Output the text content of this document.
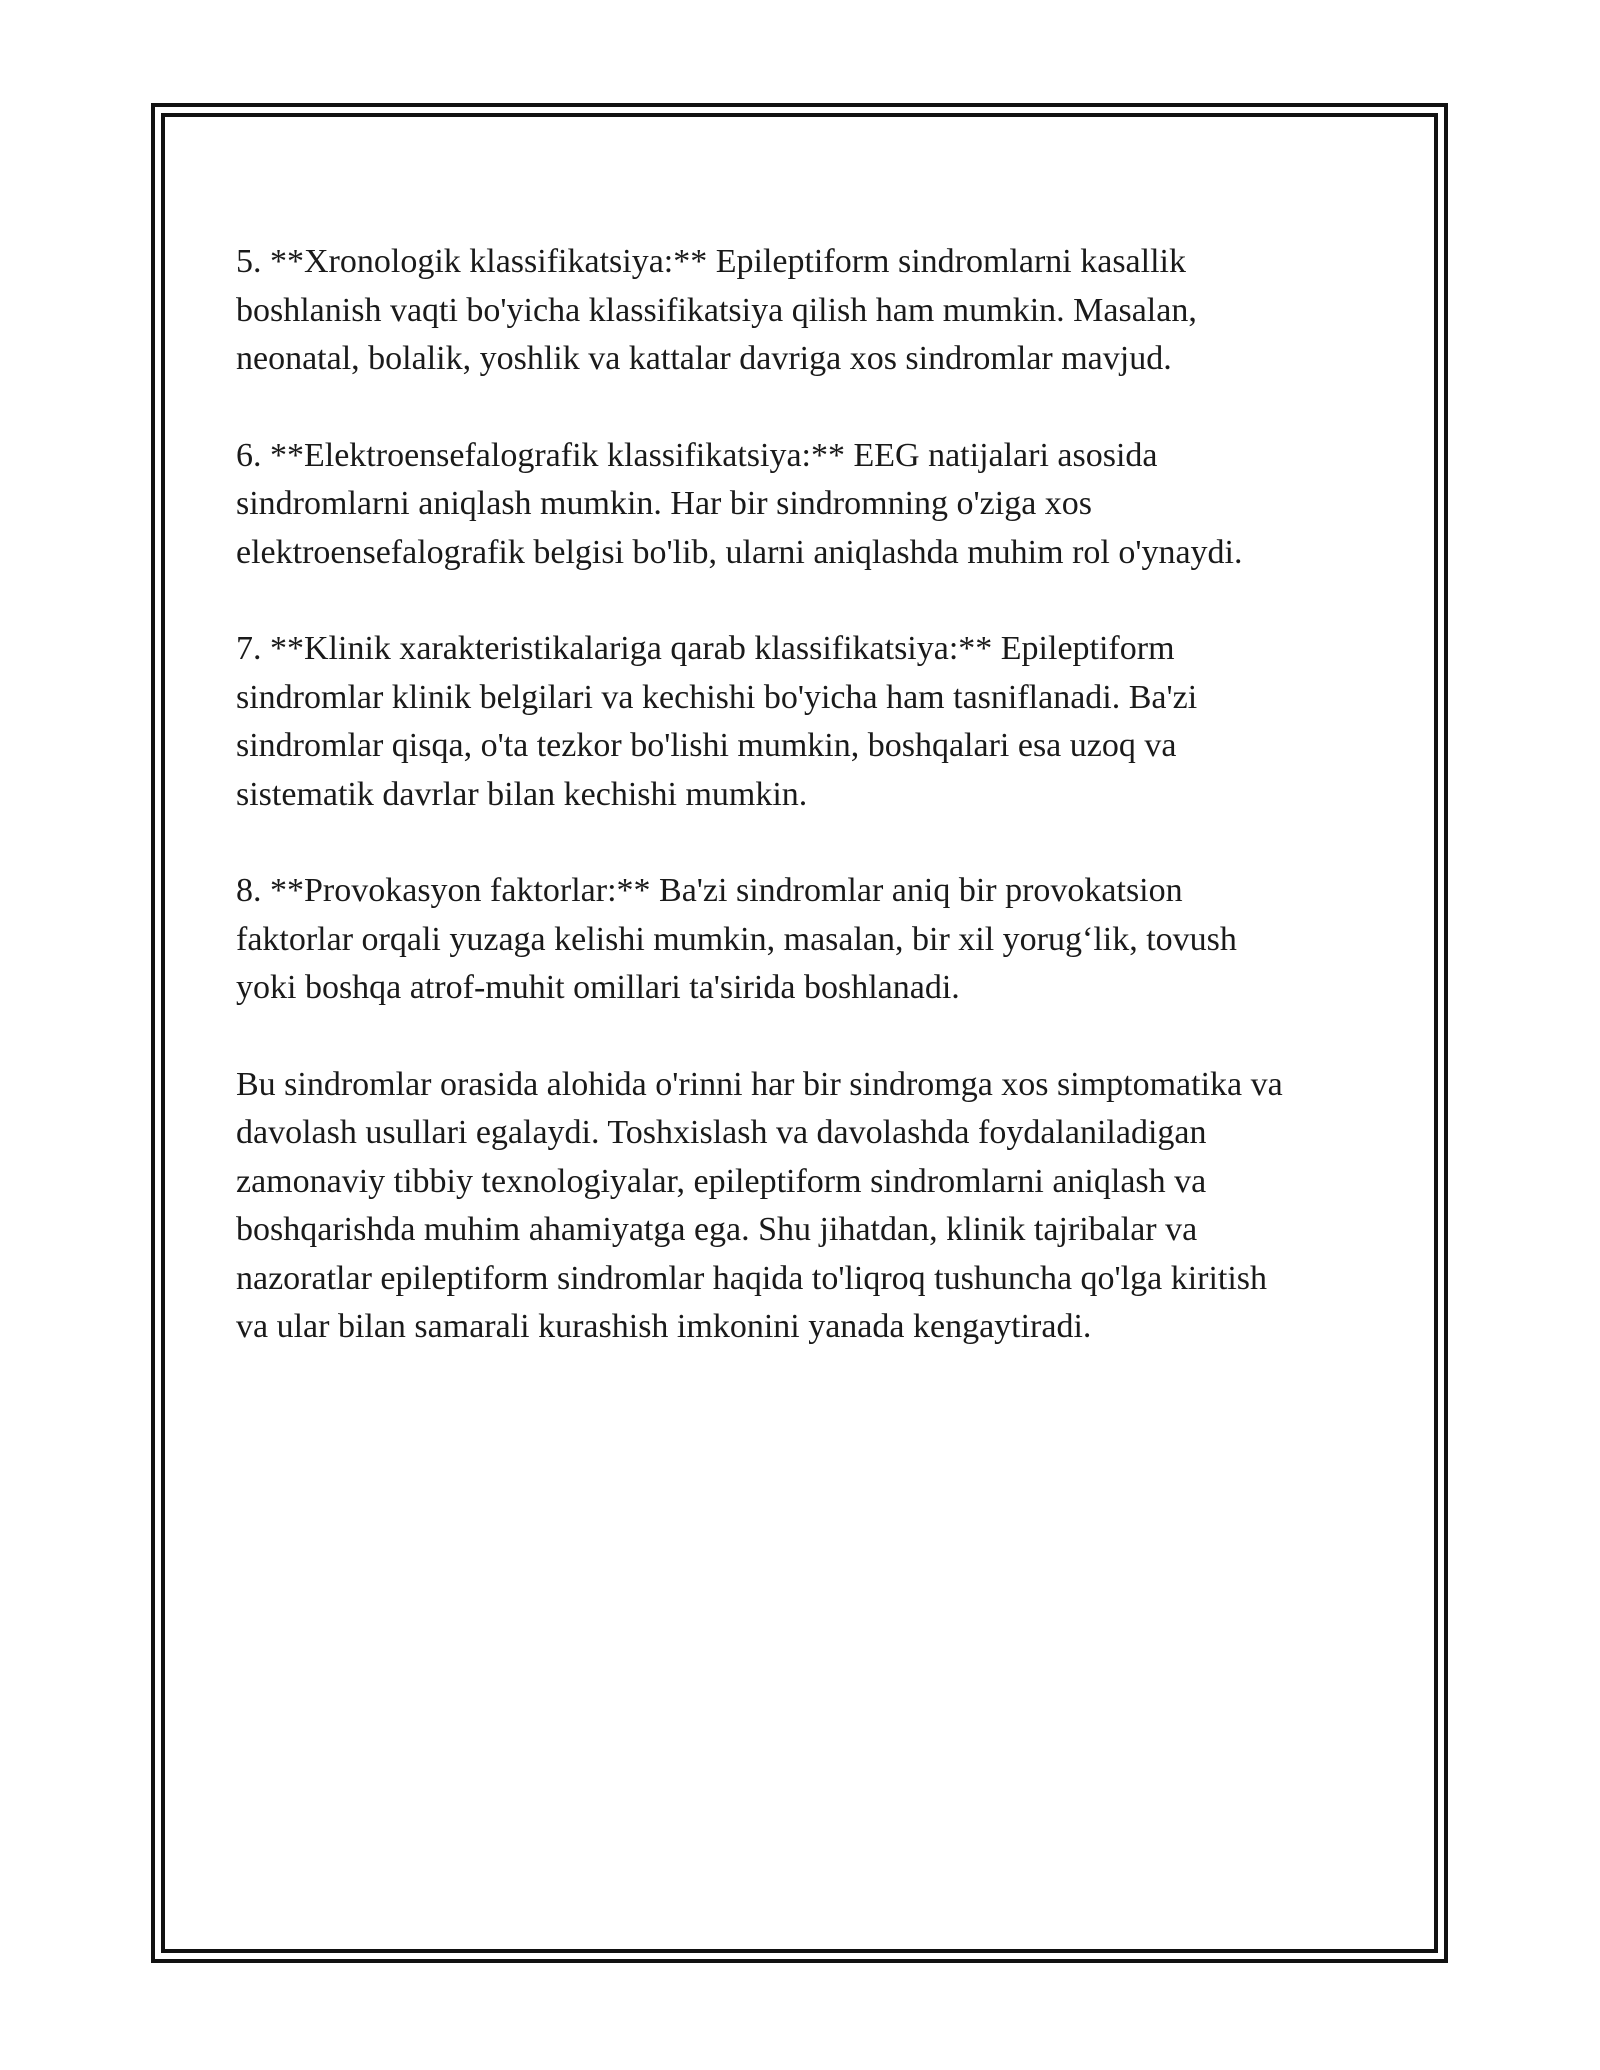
5. **Xronologik klassifikatsiya:** Epileptiform sindromlarni kasallik
boshlanish vaqti bo'yicha klassifikatsiya qilish ham mumkin. Masalan,
neonatal, bolalik, yoshlik va kattalar davriga xos sindromlar mavjud.

6. **Elektroensefalografik klassifikatsiya:** EEG natijalari asosida
sindromlarni aniqlash mumkin. Har bir sindromning o'ziga xos
elektroensefalografik belgisi bo'lib, ularni aniqlashda muhim rol o'ynaydi.

7. **Klinik xarakteristikalariga qarab klassifikatsiya:** Epileptiform
sindromlar klinik belgilari va kechishi bo'yicha ham tasniflanadi. Ba'zi
sindromlar qisqa, o'ta tezkor bo'lishi mumkin, boshqalari esa uzoq va
sistematik davrlar bilan kechishi mumkin.

8. **Provokasyon faktorlar:** Ba'zi sindromlar aniq bir provokatsion
faktorlar orqali yuzaga kelishi mumkin, masalan, bir xil yorug‘lik, tovush
yoki boshqa atrof-muhit omillari ta'sirida boshlanadi.

Bu sindromlar orasida alohida o'rinni har bir sindromga xos simptomatika va
davolash usullari egalaydi. Toshxislash va davolashda foydalaniladigan
zamonaviy tibbiy texnologiyalar, epileptiform sindromlarni aniqlash va
boshqarishda muhim ahamiyatga ega. Shu jihatdan, klinik tajribalar va
nazoratlar epileptiform sindromlar haqida to'liqroq tushuncha qo'lga kiritish
va ular bilan samarali kurashish imkonini yanada kengaytiradi.
